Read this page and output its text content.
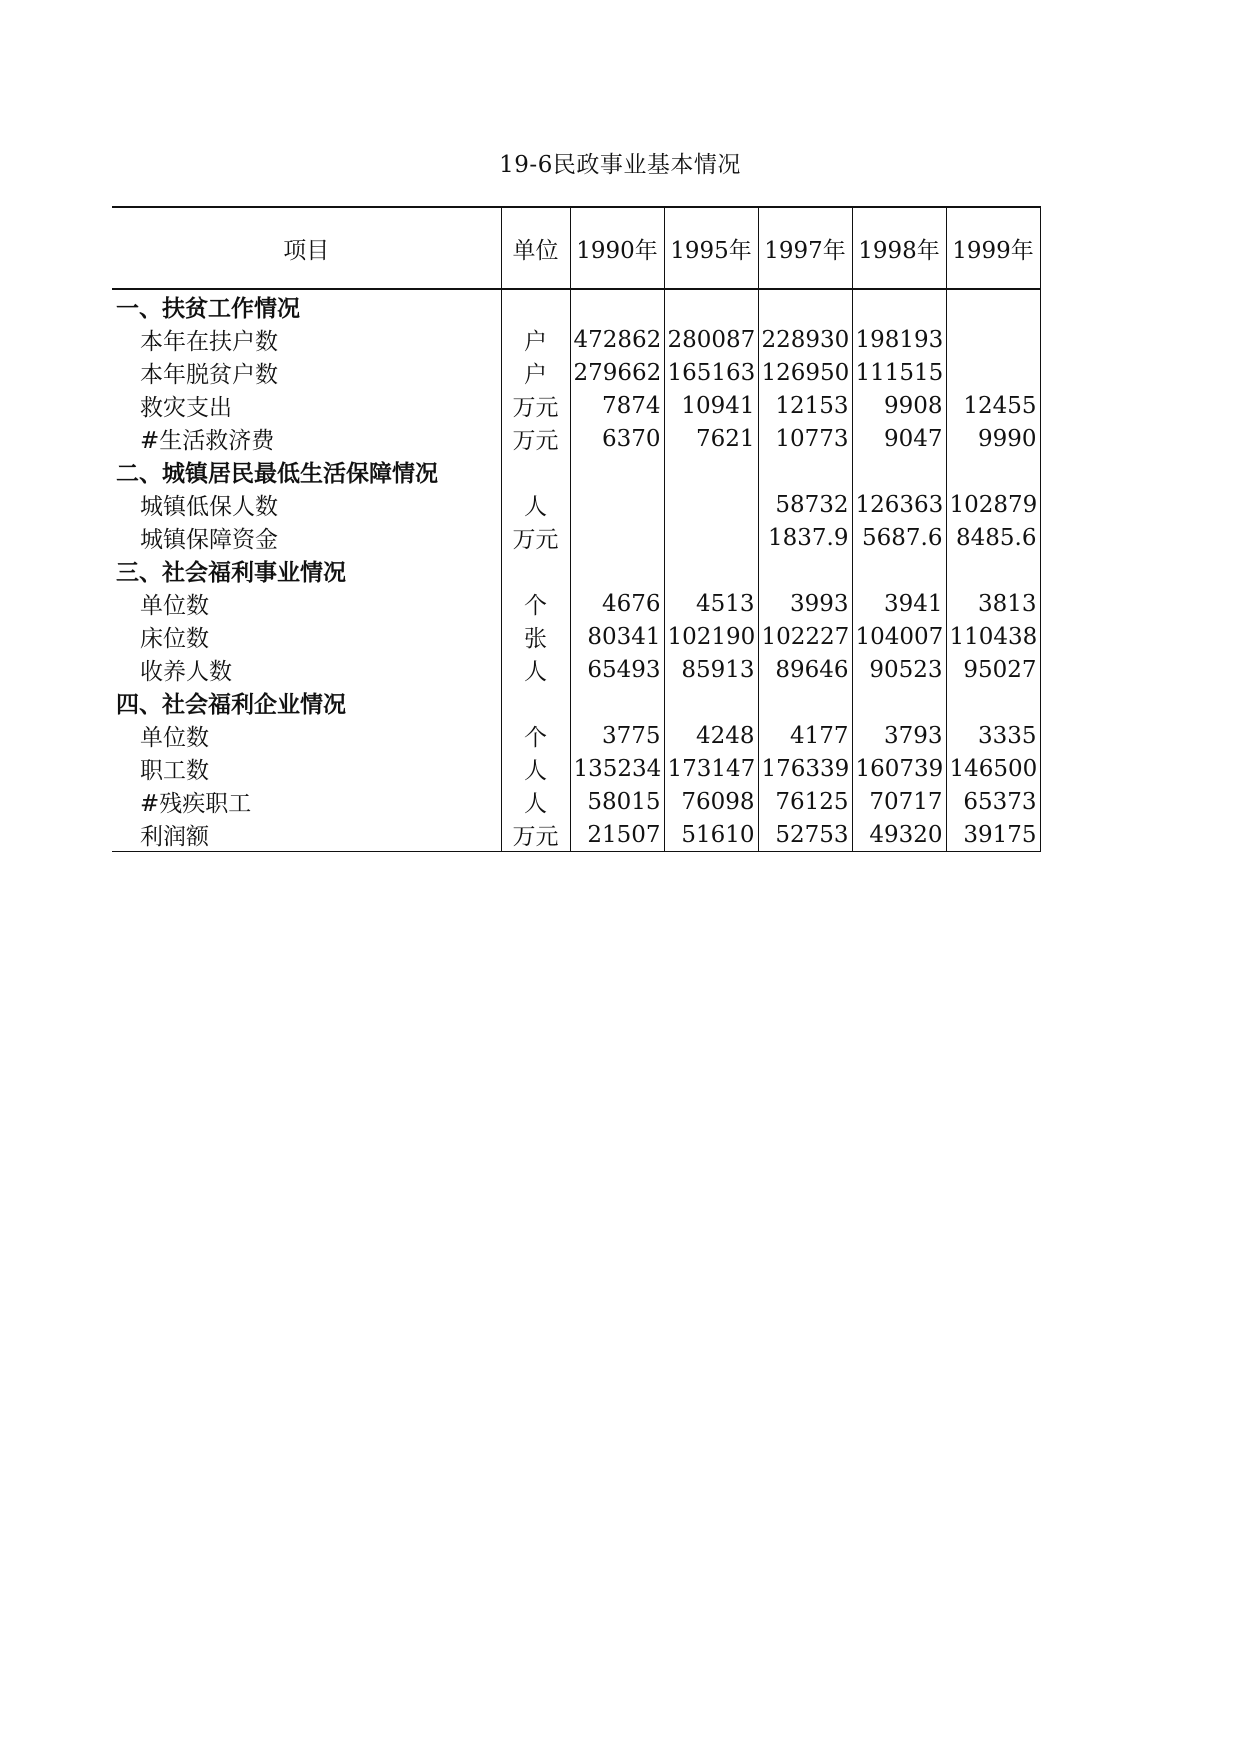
19-6民政事业基本情况
项目	单位	1990年	1995年	1997年	1998年	1999年
一、扶贫工作情况						
本年在扶户数	户	472862	280087	228930	198193	
本年脱贫户数	户	279662	165163	126950	111515	
救灾支出	万元	7874	10941	12153	9908	12455
#生活救济费	万元	6370	7621	10773	9047	9990
二、城镇居民最低生活保障情况						
城镇低保人数	人			58732	126363	102879
城镇保障资金	万元			1837.9	5687.6	8485.6
三、社会福利事业情况						
单位数	个	4676	4513	3993	3941	3813
床位数	张	80341	102190	102227	104007	110438
收养人数	人	65493	85913	89646	90523	95027
四、社会福利企业情况						
单位数	个	3775	4248	4177	3793	3335
职工数	人	135234	173147	176339	160739	146500
#残疾职工	人	58015	76098	76125	70717	65373
利润额	万元	21507	51610	52753	49320	39175
